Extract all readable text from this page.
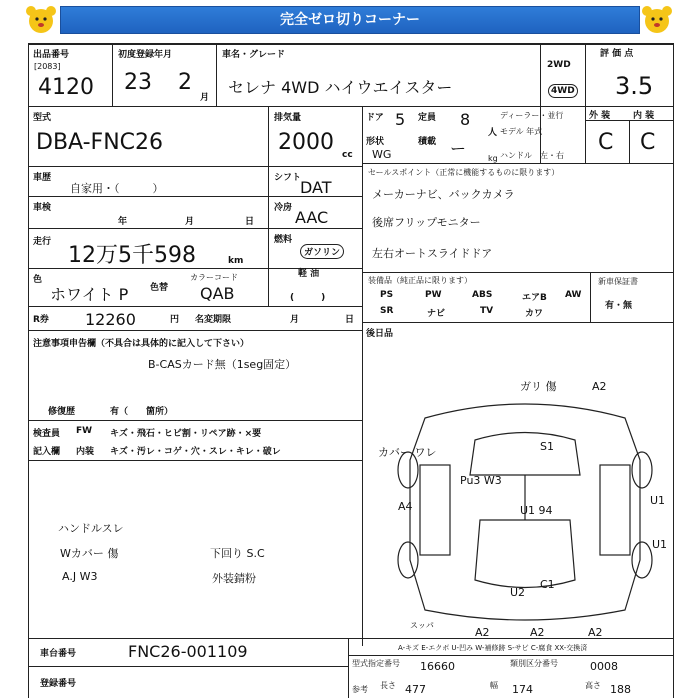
完全ゼロ切りコーナー
出品番号
[2083]
4120
初度登録年月
23 2
月
車名・グレード
セレナ 4WD ハイウエイスター
2WD
4WD
評 価 点
3.5
型式
DBA-FNC26
排気量
2000 cc
ドア 5 定員 8
人
ディーラー・並行
モデル 年式
ハンドル 左・右
形状
WG
積載 ー
kg
外 装	内 装
C C
車歴
自家用・（　　　）
シフト
DAT
車検
年	月	日
冷房 AAC
走行
12万5千598	km
燃料
ガソリン
軽 油
(　　　)
色
ホワイト P 色替
カラーコード
QAB
R券 12260	円 名変期限	月	日
注意事項申告欄（不具合は具体的に記入して下さい）
B-CASカード無（1seg固定）
修復歴	有（　　箇所）
検査員
記入欄
FW
内装
キズ・飛石・ヒビ割・リペア跡・×要
キズ・汚レ・コゲ・穴・スレ・キレ・破レ
ハンドルスレ
Wカバー 傷
A.J W3
下回り S.C
外装錆粉
セールスポイント（正常に機能するものに限ります）
メーカーナビ、バックカメラ
後席フリップモニター
左右オートスライドドア
装備品（純正品に限ります）
PS	PW	ABS	エアB AW
SR	ナビ	TV	カワ
新車保証書
有・無
後日品
ガリ 傷	A2
S1
カバー ワレ
A4
Pu3 W3
U1 94
U1
U1
U2
C1
スッパ
A2	A2	A2
A-キズ E-エクボ U-凹み W-補修跡 S-サビ C-腐食 XX-交換済
車台番号	FNC26-001109
登録番号
型式指定番号 16660	類別区分番号	0008
参考 長さ 477	幅 174	高さ 188
